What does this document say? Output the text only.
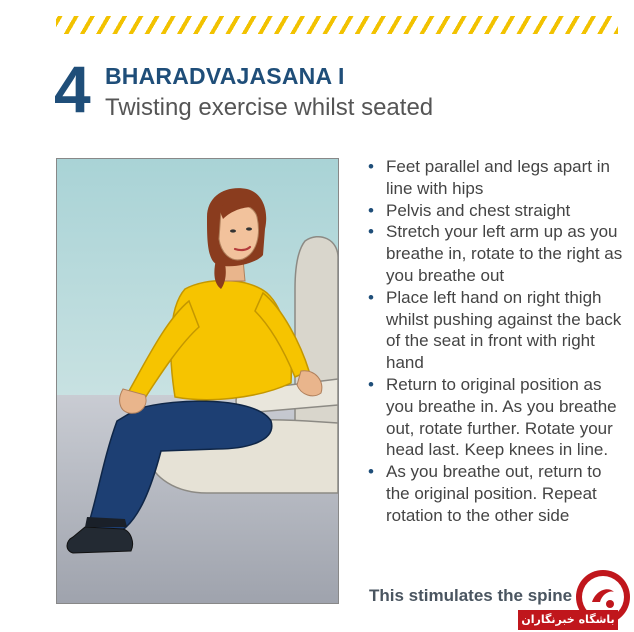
4 BHARADVAJASANA I
Twisting exercise whilst seated
• Feet parallel and legs apart in line with hips
• Pelvis and chest straight
• Stretch your left arm up as you breathe in, rotate to the right as you breathe out
• Place left hand on right thigh whilst pushing against the back of the seat in front with right hand
• Return to original position as you breathe in. As you breathe out, rotate further. Rotate your head last. Keep knees in line.
• As you breathe out, return to the original position. Repeat rotation to the other side
This stimulates the spine
باشگاه خبرنگاران
